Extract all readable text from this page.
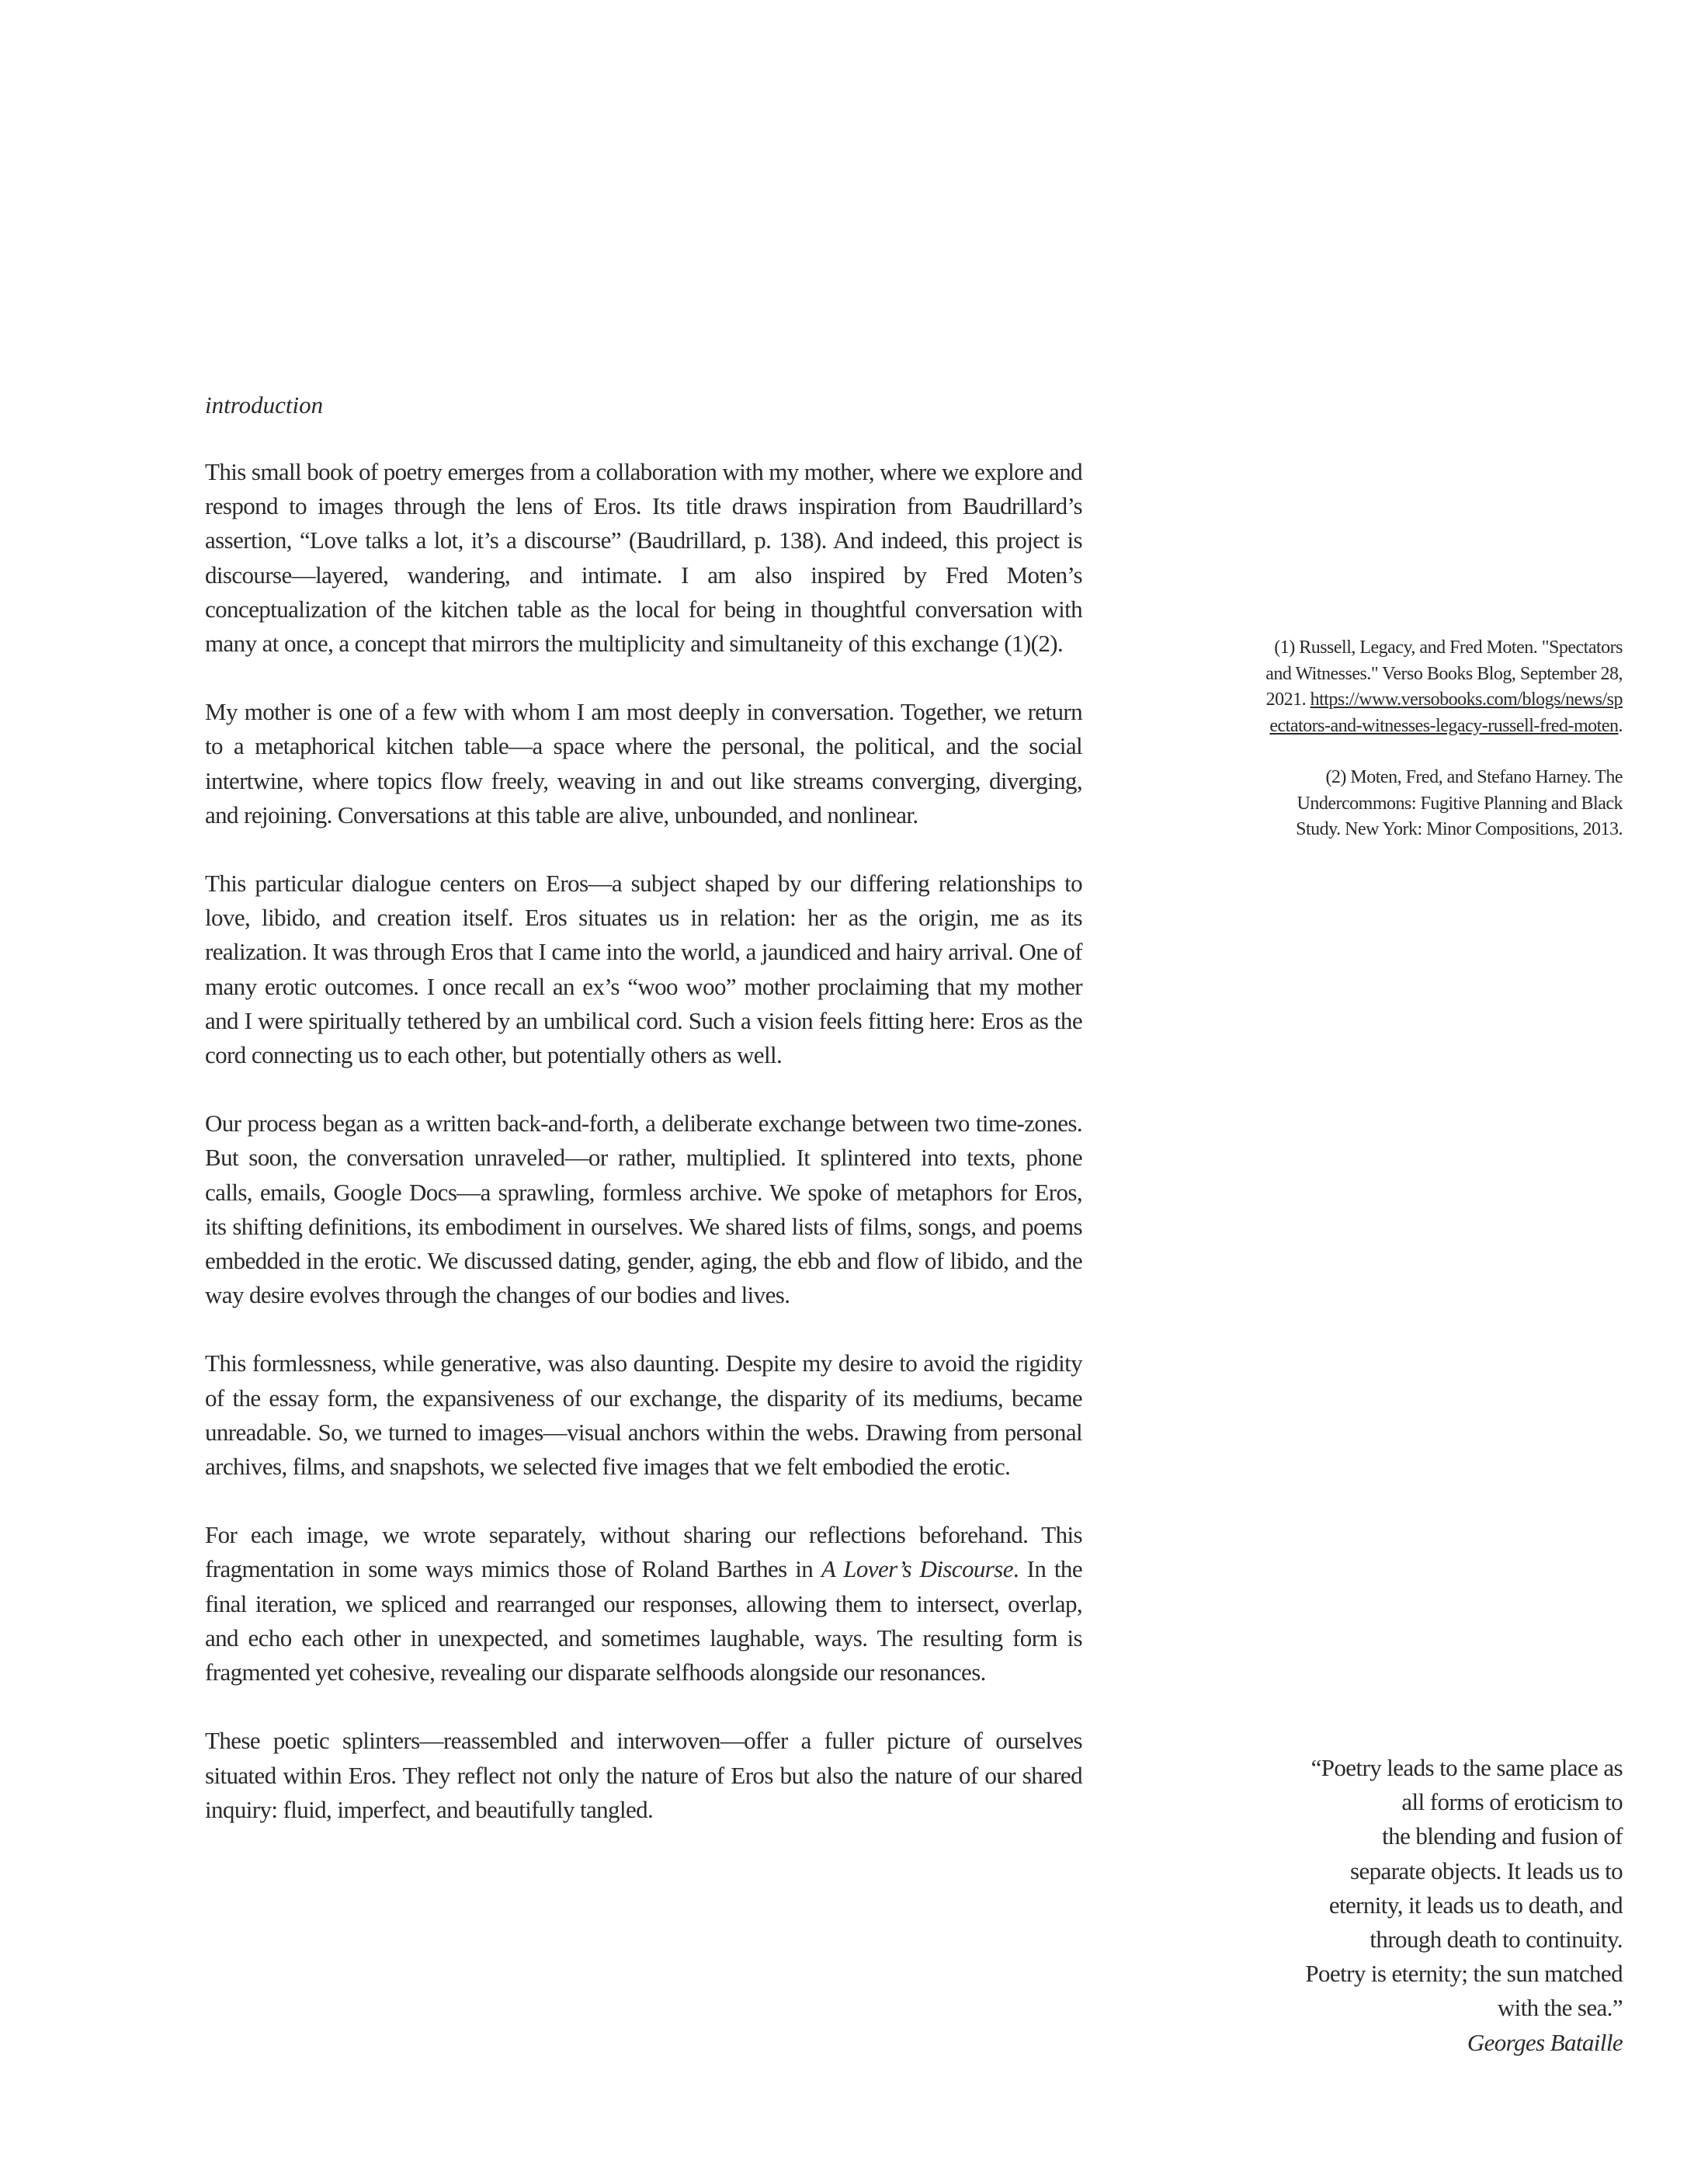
introduction

This small book of poetry emerges from a collaboration with my mother, where we explore and respond to images through the lens of Eros. Its title draws inspiration from Baudrillard’s assertion, “Love talks a lot, it’s a discourse” (Baudrillard, p. 138). And indeed, this project is discourse—layered, wandering, and intimate. I am also inspired by Fred Moten’s conceptualization of the kitchen table as the local for being in thoughtful conversation with many at once, a concept that mirrors the multiplicity and simultaneity of this exchange (1)(2).

My mother is one of a few with whom I am most deeply in conversation. Together, we return to a metaphorical kitchen table—a space where the personal, the political, and the social intertwine, where topics flow freely, weaving in and out like streams converging, diverging, and rejoining. Conversations at this table are alive, unbounded, and nonlinear.

This particular dialogue centers on Eros—a subject shaped by our differing relationships to love, libido, and creation itself. Eros situates us in relation: her as the origin, me as its realization. It was through Eros that I came into the world, a jaundiced and hairy arrival. One of many erotic outcomes. I once recall an ex’s “woo woo” mother proclaiming that my mother and I were spiritually tethered by an umbilical cord. Such a vision feels fitting here: Eros as the cord connecting us to each other, but potentially others as well.

Our process began as a written back-and-forth, a deliberate exchange between two time-zones. But soon, the conversation unraveled—or rather, multiplied. It splintered into texts, phone calls, emails, Google Docs—a sprawling, formless archive. We spoke of metaphors for Eros, its shifting definitions, its embodiment in ourselves. We shared lists of films, songs, and poems embedded in the erotic. We discussed dating, gender, aging, the ebb and flow of libido, and the way desire evolves through the changes of our bodies and lives.

This formlessness, while generative, was also daunting. Despite my desire to avoid the rigidity of the essay form, the expansiveness of our exchange, the disparity of its mediums, became unreadable. So, we turned to images—visual anchors within the webs. Drawing from personal archives, films, and snapshots, we selected five images that we felt embodied the erotic.

For each image, we wrote separately, without sharing our reflections beforehand. This fragmentation in some ways mimics those of Roland Barthes in A Lover’s Discourse. In the final iteration, we spliced and rearranged our responses, allowing them to intersect, overlap, and echo each other in unexpected, and sometimes laughable, ways. The resulting form is fragmented yet cohesive, revealing our disparate selfhoods alongside our resonances.

These poetic splinters—reassembled and interwoven—offer a fuller picture of ourselves situated within Eros. They reflect not only the nature of Eros but also the nature of our shared inquiry: fluid, imperfect, and beautifully tangled.

(1) Russell, Legacy, and Fred Moten. "Spectators and Witnesses." Verso Books Blog, September 28, 2021. https://www.versobooks.com/blogs/news/spectators-and-witnesses-legacy-russell-fred-moten.

(2) Moten, Fred, and Stefano Harney. The Undercommons: Fugitive Planning and Black Study. New York: Minor Compositions, 2013.

“Poetry leads to the same place as
all forms of eroticism to
the blending and fusion of
separate objects. It leads us to
eternity, it leads us to death, and
through death to continuity.
Poetry is eternity; the sun matched
with the sea.”

Georges Bataille
